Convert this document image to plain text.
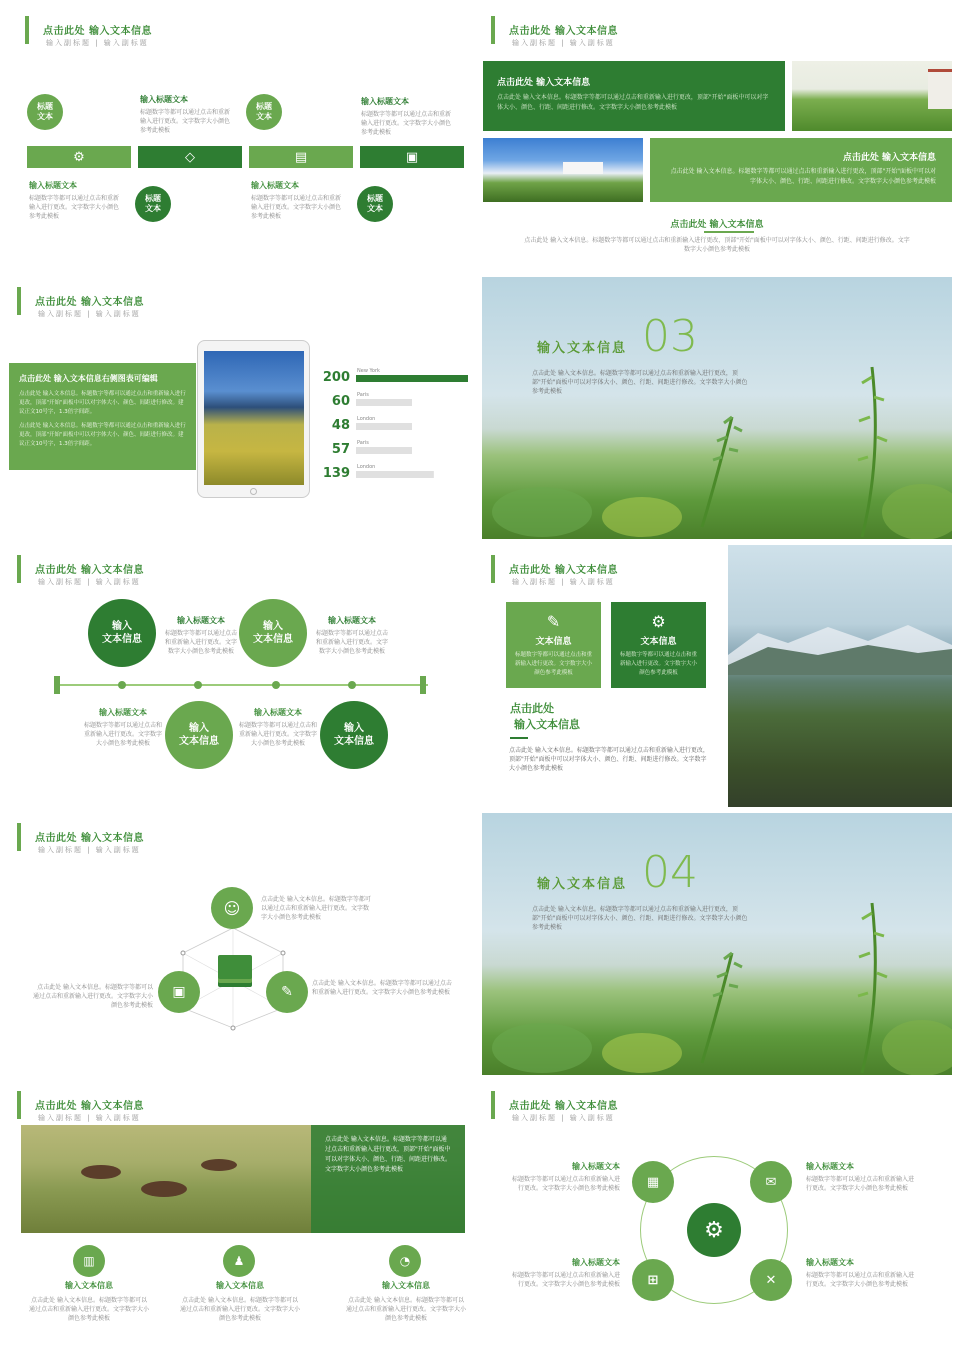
点击此处 输入文本信息
输入副标题 | 输入副标题
⚙	◇	▤	▣
标题
文本
标题
文本
标题
文本
标题
文本
输入标题文本
标题数字等都可以通过点击和重新输入进行更改。文字数字大小颜色参考此模板
输入标题文本
标题数字等都可以通过点击和重新输入进行更改。文字数字大小颜色参考此模板
输入标题文本
标题数字等都可以通过点击和重新输入进行更改。文字数字大小颜色参考此模板
输入标题文本
标题数字等都可以通过点击和重新输入进行更改。文字数字大小颜色参考此模板
点击此处 输入文本信息
输入副标题 | 输入副标题
点击此处 输入文本信息
点击此处 输入文本信息。标题数字等都可以通过点击和重新输入进行更改，顶部"开始"面板中可以对字体大小、颜色、行距、间距进行修改。文字数字大小颜色参考此模板
点击此处 输入文本信息
点击此处 输入文本信息。标题数字等都可以通过点击和重新输入进行更改，顶部"开始"面板中可以对字体大小、颜色、行距、间距进行修改。文字数字大小颜色参考此模板
点击此处 输入文本信息
点击此处 输入文本信息。标题数字等都可以通过点击和重新输入进行更改，顶部"开始"面板中可以对字体大小、颜色、行距、间距进行修改。文字数字大小颜色参考此模板
点击此处 输入文本信息
输入副标题 | 输入副标题
点击此处 输入文本信息右侧图表可编辑
点击此处 输入文本信息。标题数字等都可以通过点击和重新输入进行更改，顶部"开始"面板中可以对字体大小、颜色、间距进行修改。建议正文10号字，1.3倍字间距。
点击此处 输入文本信息。标题数字等都可以通过点击和重新输入进行更改，顶部"开始"面板中可以对字体大小、颜色、间距进行修改。建议正文10号字，1.3倍字间距。
200 New York
60 Paris
48 London
57 Paris
139 London
输入文本信息 03
点击此处 输入文本信息。标题数字等都可以通过点击和重新输入进行更改，顶部"开始"面板中可以对字体大小、颜色、行距、间距进行修改。文字数字大小颜色参考此模板
点击此处 输入文本信息
输入副标题 | 输入副标题
输入
文本信息
输入
文本信息
输入
文本信息
输入
文本信息
输入标题文本
标题数字等都可以通过点击和重新输入进行更改。文字数字大小颜色参考此模板
输入标题文本
标题数字等都可以通过点击和重新输入进行更改。文字数字大小颜色参考此模板
输入标题文本
标题数字等都可以通过点击和重新输入进行更改。文字数字大小颜色参考此模板
输入标题文本
标题数字等都可以通过点击和重新输入进行更改。文字数字大小颜色参考此模板
点击此处 输入文本信息
输入副标题 | 输入副标题
✎
文本信息
标题数字等都可以通过点击和重新输入进行更改。文字数字大小颜色参考此模板
⚙
文本信息
标题数字等都可以通过点击和重新输入进行更改。文字数字大小颜色参考此模板
点击此处
输入文本信息
点击此处 输入文本信息。标题数字等都可以通过点击和重新输入进行更改，顶部"开始"面板中可以对字体大小、颜色、行距、间距进行修改。文字数字大小颜色参考此模板
点击此处 输入文本信息
输入副标题 | 输入副标题
☺
▣	✎
点击此处 输入文本信息。标题数字等都可以通过点击和重新输入进行更改。文字数字大小颜色参考此模板
点击此处 输入文本信息。标题数字等都可以通过点击和重新输入进行更改。文字数字大小颜色参考此模板
点击此处 输入文本信息。标题数字等都可以通过点击和重新输入进行更改。文字数字大小颜色参考此模板
输入文本信息 04
点击此处 输入文本信息。标题数字等都可以通过点击和重新输入进行更改，顶部"开始"面板中可以对字体大小、颜色、行距、间距进行修改。文字数字大小颜色参考此模板
点击此处 输入文本信息
输入副标题 | 输入副标题
点击此处 输入文本信息。标题数字等都可以通过点击和重新输入进行更改，顶部"开始"面板中可以对字体大小、颜色、行距、间距进行修改。文字数字大小颜色参考此模板
▥	♟	◔
输入文本信息
点击此处 输入文本信息。标题数字等都可以通过点击和重新输入进行更改。文字数字大小颜色参考此模板
输入文本信息
点击此处 输入文本信息。标题数字等都可以通过点击和重新输入进行更改。文字数字大小颜色参考此模板
输入文本信息
点击此处 输入文本信息。标题数字等都可以通过点击和重新输入进行更改。文字数字大小颜色参考此模板
点击此处 输入文本信息
输入副标题 | 输入副标题
⚙
▦	✉
⊞	✕
输入标题文本
标题数字等都可以通过点击和重新输入进行更改。文字数字大小颜色参考此模板
输入标题文本
标题数字等都可以通过点击和重新输入进行更改。文字数字大小颜色参考此模板
输入标题文本
标题数字等都可以通过点击和重新输入进行更改。文字数字大小颜色参考此模板
输入标题文本
标题数字等都可以通过点击和重新输入进行更改。文字数字大小颜色参考此模板
